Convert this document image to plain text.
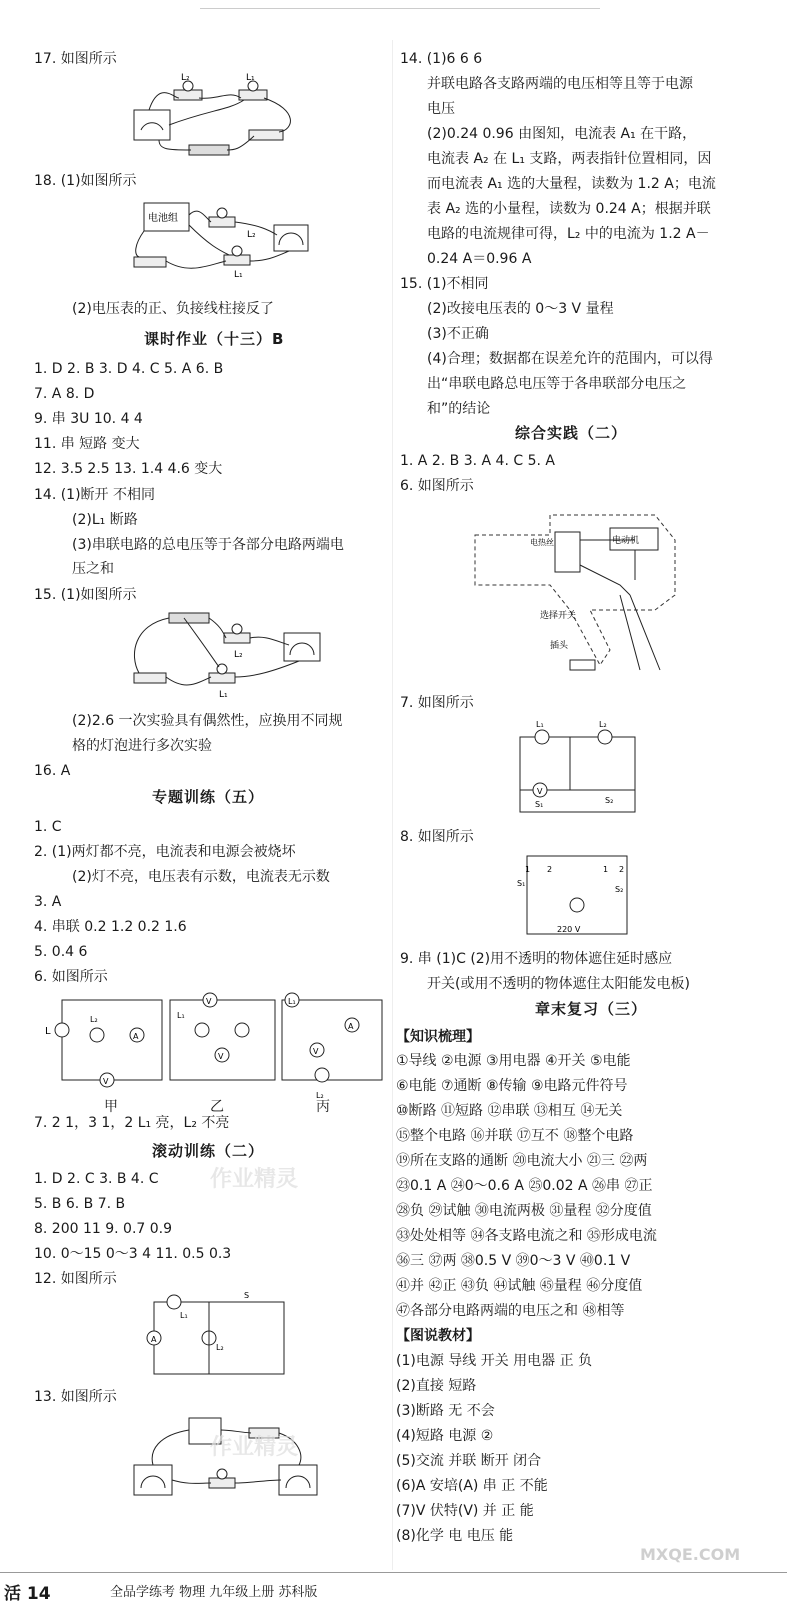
17. 如图所示
L₂	L₁
18. (1)如图所示
电池组
L₂
L₁
(2)电压表的正、负接线柱接反了
课时作业（十三）B
1. D 2. B 3. D 4. C 5. A 6. B
7. A 8. D
9. 串 3U 10. 4 4
11. 串 短路 变大
12. 3.5 2.5 13. 1.4 4.6 变大
14. (1)断开 不相同
(2)L₁ 断路
(3)串联电路的总电压等于各部分电路两端电
压之和
15. (1)如图所示
L₂
L₁
(2)2.6 一次实验具有偶然性，应换用不同规
格的灯泡进行多次实验
16. A
专题训练（五）
1. C
2. (1)两灯都不亮，电流表和电源会被烧坏
(2)灯不亮，电压表有示数，电流表无示数
3. A
4. 串联 0.2 1.2 0.2 1.6
5. 0.4 6
6. 如图所示
L
L₂
A
V
V
L₁
V
L₁
A
V
L₂
甲	乙	丙
7. 2 1，3 1，2 L₁ 亮，L₂ 不亮
滚动训练（二）
1. D 2. C 3. B 4. C
5. B 6. B 7. B
8. 200 11 9. 0.7 0.9
10. 0～15 0～3 4 11. 0.5 0.3
12. 如图所示
A
L₁
L₂
S
13. 如图所示
14. (1)6 6 6
并联电路各支路两端的电压相等且等于电源
电压
(2)0.24 0.96 由图知，电流表 A₁ 在干路，
电流表 A₂ 在 L₁ 支路，两表指针位置相同，因
而电流表 A₁ 选的大量程，读数为 1.2 A；电流
表 A₂ 选的小量程，读数为 0.24 A；根据并联
电路的电流规律可得，L₂ 中的电流为 1.2 A－
0.24 A＝0.96 A
15. (1)不相同
(2)改接电压表的 0～3 V 量程
(3)不正确
(4)合理；数据都在误差允许的范围内，可以得
出“串联电路总电压等于各串联部分电压之
和”的结论
综合实践（二）
1. A 2. B 3. A 4. C 5. A
6. 如图所示
电动机
电热丝
选择开关
插头
7. 如图所示
L₁	L₂
V
S₂
S₁
8. 如图所示
1 2	1 2
S₁
S₂
220 V
9. 串 (1)C (2)用不透明的物体遮住延时感应
开关(或用不透明的物体遮住太阳能发电板)
章末复习（三）
【知识梳理】
①导线 ②电源 ③用电器 ④开关 ⑤电能
⑥电能 ⑦通断 ⑧传输 ⑨电路元件符号
⑩断路 ⑪短路 ⑫串联 ⑬相互 ⑭无关
⑮整个电路 ⑯并联 ⑰互不 ⑱整个电路
⑲所在支路的通断 ⑳电流大小 ㉑三 ㉒两
㉓0.1 A ㉔0～0.6 A ㉕0.02 A ㉖串 ㉗正
㉘负 ㉙试触 ㉚电流两极 ㉛量程 ㉜分度值
㉝处处相等 ㉞各支路电流之和 ㉟形成电流
㊱三 ㊲两 ㊳0.5 V ㊴0～3 V ㊵0.1 V
㊶并 ㊷正 ㊸负 ㊹试触 ㊺量程 ㊻分度值
㊼各部分电路两端的电压之和 ㊽相等
【图说教材】
(1)电源 导线 开关 用电器 正 负
(2)直接 短路
(3)断路 无 不会
(4)短路 电源 ②
(5)交流 并联 断开 闭合
(6)A 安培(A) 串 正 不能
(7)V 伏特(V) 并 正 能
(8)化学 电 电压 能
作业精灵
作业精灵
MXQE.COM
活 14	全品学练考 物理 九年级上册 苏科版
